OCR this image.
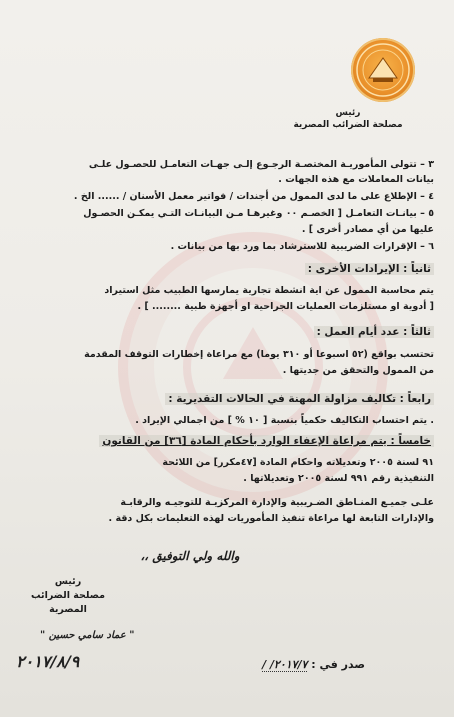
رئيس
مصلحة الضرائب المصرية
٣ – تتولى المأموريـة المختصـة الرجـوع إلـى جهـات التعامـل للحصـول علـى
بيانات المعاملات مع هذه الجهات .
٤ – الإطلاع على ما لدى الممول من أجندات / فواتير معمل الأسنان / ...... الخ .
٥ – بيانـات التعامـل [ الخصـم ٠٠ وغيرهـا مـن البيانـات التـي يمكـن الحصـول
عليها من أي مصادر أخرى ] .
٦ – الإقرارات الضريبية للاسترشاد بما ورد بها من بيانات .
ثانياً : الإيرادات الأخرى :
يتم محاسبة الممول عن اية انشطة تجارية يمارسها الطبيب مثل استيراد
[ أدوية او مستلزمات العمليات الجراحية او أجهزة طبية ........ ] .
ثالثاً : عدد أيام العمل :
تحتسب بواقع (٥٢ اسبوعا أو ٣١٠ يوما) مع مراعاة إخطارات التوقف المقدمة
من الممول والتحقق من جديتها .
رابعاً : تكاليف مزاولة المهنة في الحالات التقديرية :
. يتم احتساب التكاليف حكمياً بنسبة [ ١٠ % ] من اجمالي الإيراد .
خامساً : يتم مراعاة الإعفاء الوارد بأحكام المادة [٣٦] من القانون
٩١ لسنة ٢٠٠٥ وتعديلاته واحكام المادة [٤٧مكرر] من اللائحة
التنفيذية رقم ٩٩١ لسنة ٢٠٠٥ وتعديلاتها .
علـى جميـع المنـاطق الضـريبية والإدارة المركزيـة للتوجيـه والرقابـة
والإدارات التابعة لها مراعاة تنفيذ المأموريات لهذه التعليمات بكل دقة .
والله ولي التوفيق ،،
رئيس
مصلحة الضرائب المصرية
" عماد سامي حسين "
٢٠١٧/٨/٩	صدر في : ٢٠١٧/٧/ /
